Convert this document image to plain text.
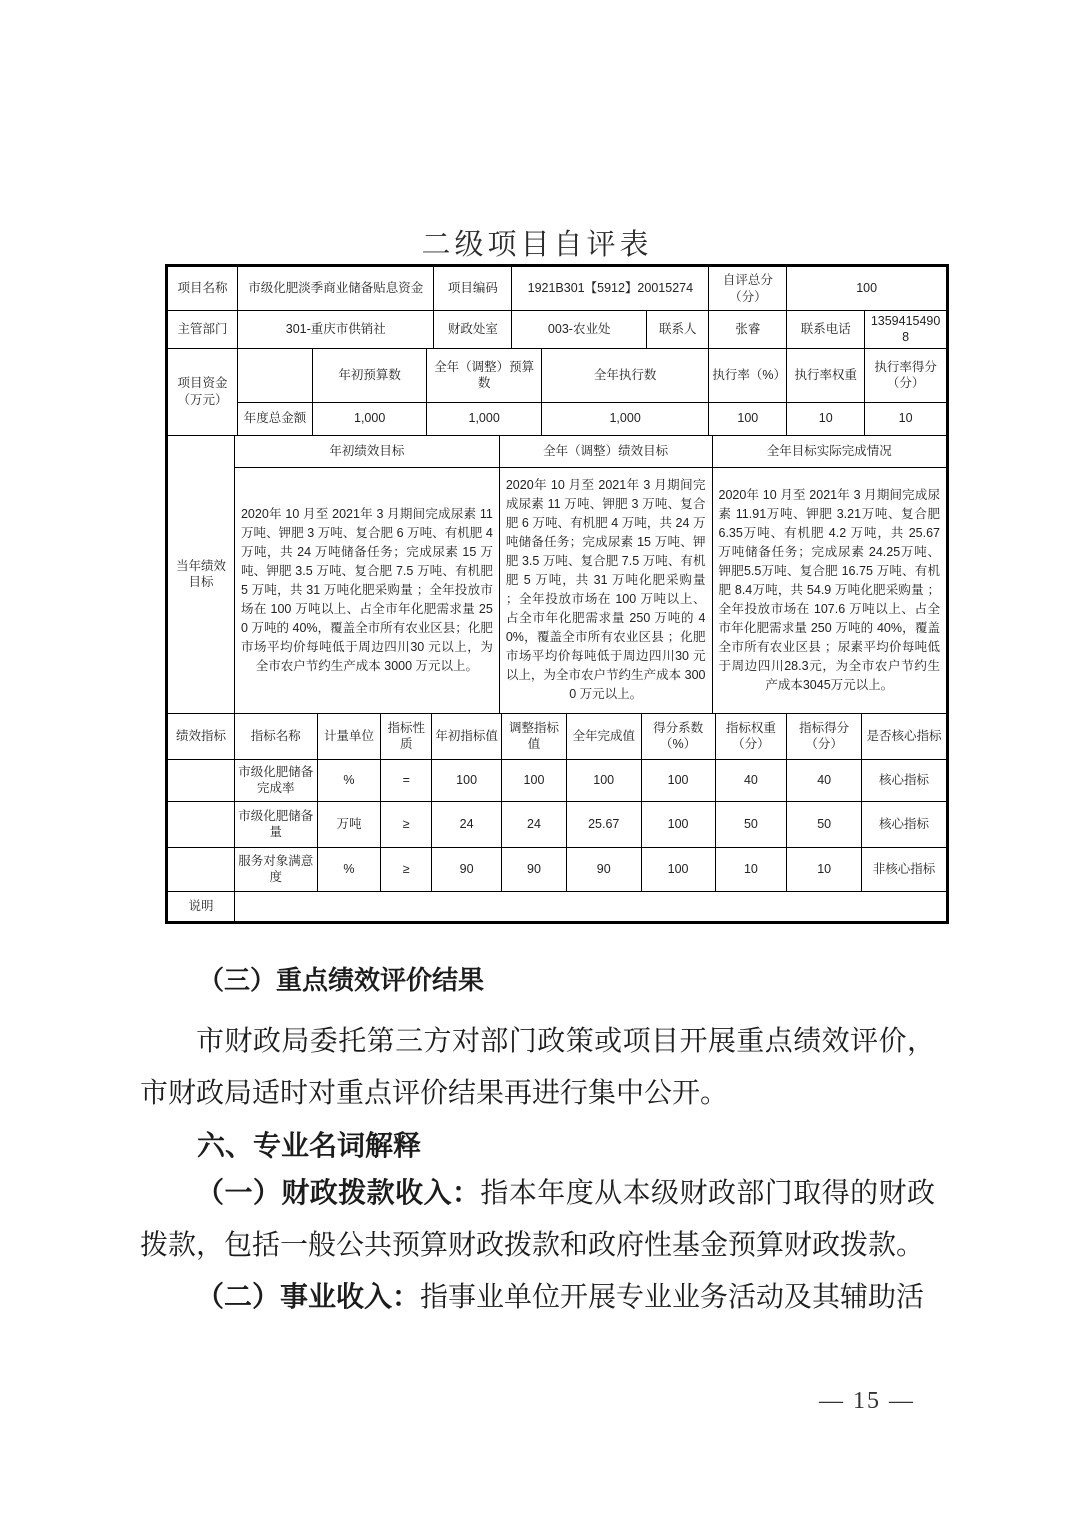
二级项目自评表
项目名称	市级化肥淡季商业储备贴息资金	项目编码	1921B301【5912】20015274		自评总分（分）	100	
主管部门	301-重庆市供销社	财政处室	003-农业处	联系人	张睿	联系电话	13594154908
项目资金（万元）		年初预算数	全年（调整）预算数	全年执行数	执行率（%）	执行率权重	执行率得分（分）
	年度总金额	1,000	1,000	1,000	100	10	10
当年绩效目标	年初绩效目标	全年（调整）绩效目标	全年目标实际完成情况
2020年 10 月至 2021年 3 月期间完成尿素 11 万吨、钾肥 3 万吨、复合肥 6 万吨、有机肥 4 万吨，共 24 万吨储备任务；完成尿素 15 万吨、钾肥 3.5 万吨、复合肥 7.5 万吨、有机肥 5 万吨，共 31 万吨化肥采购量 ；全年投放市场在 100 万吨以上、占全市年化肥需求量 250 万吨的 40%，覆盖全市所有农业区县；化肥市场平均价每吨低于周边四川30 元以上，为全市农户节约生产成本 3000 万元以上。	2020年 10 月至 2021年 3 月期间完成尿素 11 万吨、钾肥 3 万吨、复合肥 6 万吨、有机肥 4 万吨，共 24 万吨储备任务；完成尿素 15 万吨、钾肥 3.5 万吨、复合肥 7.5 万吨、有机肥 5 万吨，共 31 万吨化肥采购量 ；全年投放市场在 100 万吨以上、占全市年化肥需求量 250 万吨的 40%，覆盖全市所有农业区县 ；化肥市场平均价每吨低于周边四川30 元以上，为全市农户节约生产成本 3000 万元以上。	2020年 10 月至 2021年 3 月期间完成尿素 11.91万吨、钾肥 3.21万吨、复合肥 6.35万吨、有机肥 4.2 万吨，共 25.67 万吨储备任务；完成尿素 24.25万吨、钾肥5.5万吨、复合肥 16.75 万吨、有机肥 8.4万吨，共 54.9 万吨化肥采购量 ；全年投放市场在 107.6 万吨以上、占全市年化肥需求量 250 万吨的 40%，覆盖全市所有农业区县 ；尿素平均价每吨低于周边四川28.3元，为全市农户节约生产成本3045万元以上。
绩效指标	指标名称	计量单位	指标性质	年初指标值	调整指标值	全年完成值	得分系数（%）	指标权重（分）	指标得分（分）	是否核心指标
	市级化肥储备完成率	%	=	100	100	100	100	40	40	核心指标
	市级化肥储备量	万吨	≥	24	24	25.67	100	50	50	核心指标
	服务对象满意度	%	≥	90	90	90	100	10	10	非核心指标
说明	
（三）重点绩效评价结果

市财政局委托第三方对部门政策或项目开展重点绩效评价，市财政局适时对重点评价结果再进行集中公开。

六、专业名词解释

（一）财政拨款收入：指本年度从本级财政部门取得的财政拨款，包括一般公共预算财政拨款和政府性基金预算财政拨款。

（二）事业收入：指事业单位开展专业业务活动及其辅助活

— 15 —
